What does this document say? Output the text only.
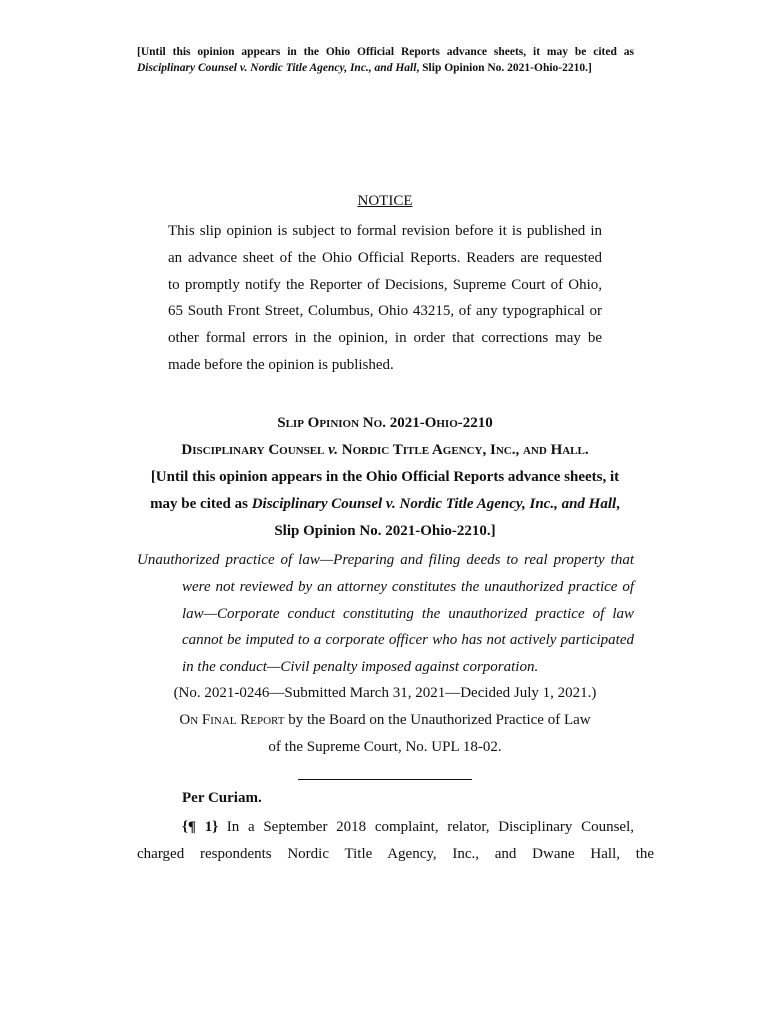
[Until this opinion appears in the Ohio Official Reports advance sheets, it may be cited as Disciplinary Counsel v. Nordic Title Agency, Inc., and Hall, Slip Opinion No. 2021-Ohio-2210.]
NOTICE
This slip opinion is subject to formal revision before it is published in
an advance sheet of the Ohio Official Reports. Readers are requested
to promptly notify the Reporter of Decisions, Supreme Court of Ohio,
65 South Front Street, Columbus, Ohio 43215, of any typographical or
other formal errors in the opinion, in order that corrections may be
made before the opinion is published.
Slip Opinion No. 2021-Ohio-2210
Disciplinary Counsel v. Nordic Title Agency, Inc., and Hall.
[Until this opinion appears in the Ohio Official Reports advance sheets, it
may be cited as Disciplinary Counsel v. Nordic Title Agency, Inc., and Hall,
Slip Opinion No. 2021-Ohio-2210.]
Unauthorized practice of law—Preparing and filing deeds to real property that
were not reviewed by an attorney constitutes the unauthorized practice of
law—Corporate conduct constituting the unauthorized practice of law
cannot be imputed to a corporate officer who has not actively participated
in the conduct—Civil penalty imposed against corporation.
(No. 2021-0246—Submitted March 31, 2021—Decided July 1, 2021.)
On Final Report by the Board on the Unauthorized Practice of Law
of the Supreme Court, No. UPL 18-02.
Per Curiam.
{¶ 1} In a September 2018 complaint, relator, Disciplinary Counsel,
charged respondents Nordic Title Agency, Inc., and Dwane Hall, the
